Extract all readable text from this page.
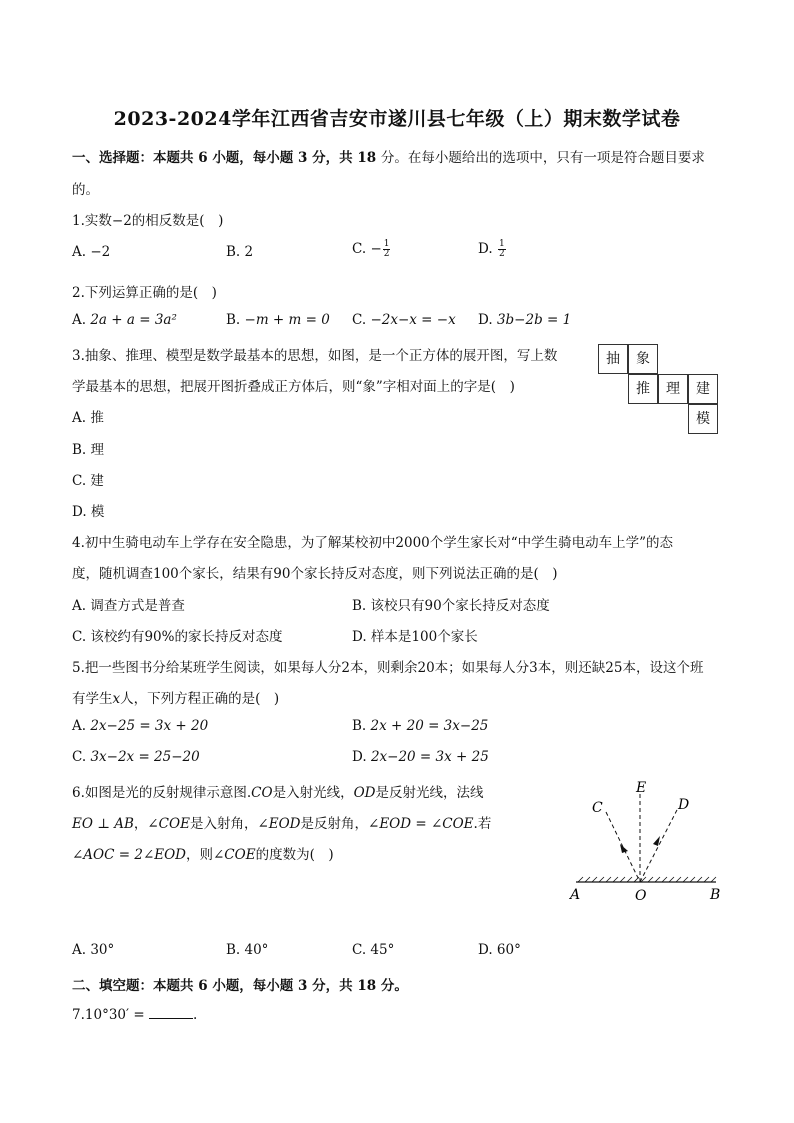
2023-2024学年江西省吉安市遂川县七年级（上）期末数学试卷
一、选择题：本题共 6 小题，每小题 3 分，共 18 分。在每小题给出的选项中，只有一项是符合题目要求
的。
1.实数−2的相反数是(　)
A. −2	B. 2	C. − $\frac{1}{2}$	D. $\frac{1}{2}$
2.下列运算正确的是(　)
A. 2a + a = 3a²	B. −m + m = 0 C. −2x−x = −x D. 3b−2b = 1
3.抽象、推理、模型是数学最基本的思想，如图，是一个正方体的展开图，写上数
学最基本的思想，把展开图折叠成正方体后，则“象”字相对面上的字是(　)
A. 推
B. 理
C. 建
D. 模
抽	象
推	理	建
模
4.初中生骑电动车上学存在安全隐患，为了解某校初中2000个学生家长对“中学生骑电动车上学”的态
度，随机调查100个家长，结果有90个家长持反对态度，则下列说法正确的是(　)
A. 调查方式是普查	B. 该校只有90个家长持反对态度
C. 该校约有90%的家长持反对态度	D. 样本是100个家长
5.把一些图书分给某班学生阅读，如果每人分2本，则剩余20本；如果每人分3本，则还缺25本，设这个班
有学生x人，下列方程正确的是(　)
A. 2x−25 = 3x + 20	B. 2x + 20 = 3x−25
C. 3x−2x = 25−20	D. 2x−20 = 3x + 25
6.如图是光的反射规律示意图.CO是入射光线，OD是反射光线，法线
EO ⊥ AB，∠COE是入射角，∠EOD是反射角，∠EOD = ∠COE.若
∠AOC = 2∠EOD，则∠COE的度数为(　)
C
E
D
A	O	B
A. 30°	B. 40°	C. 45°	D. 60°
二、填空题：本题共 6 小题，每小题 3 分，共 18 分。
7.10°30′ =	.
